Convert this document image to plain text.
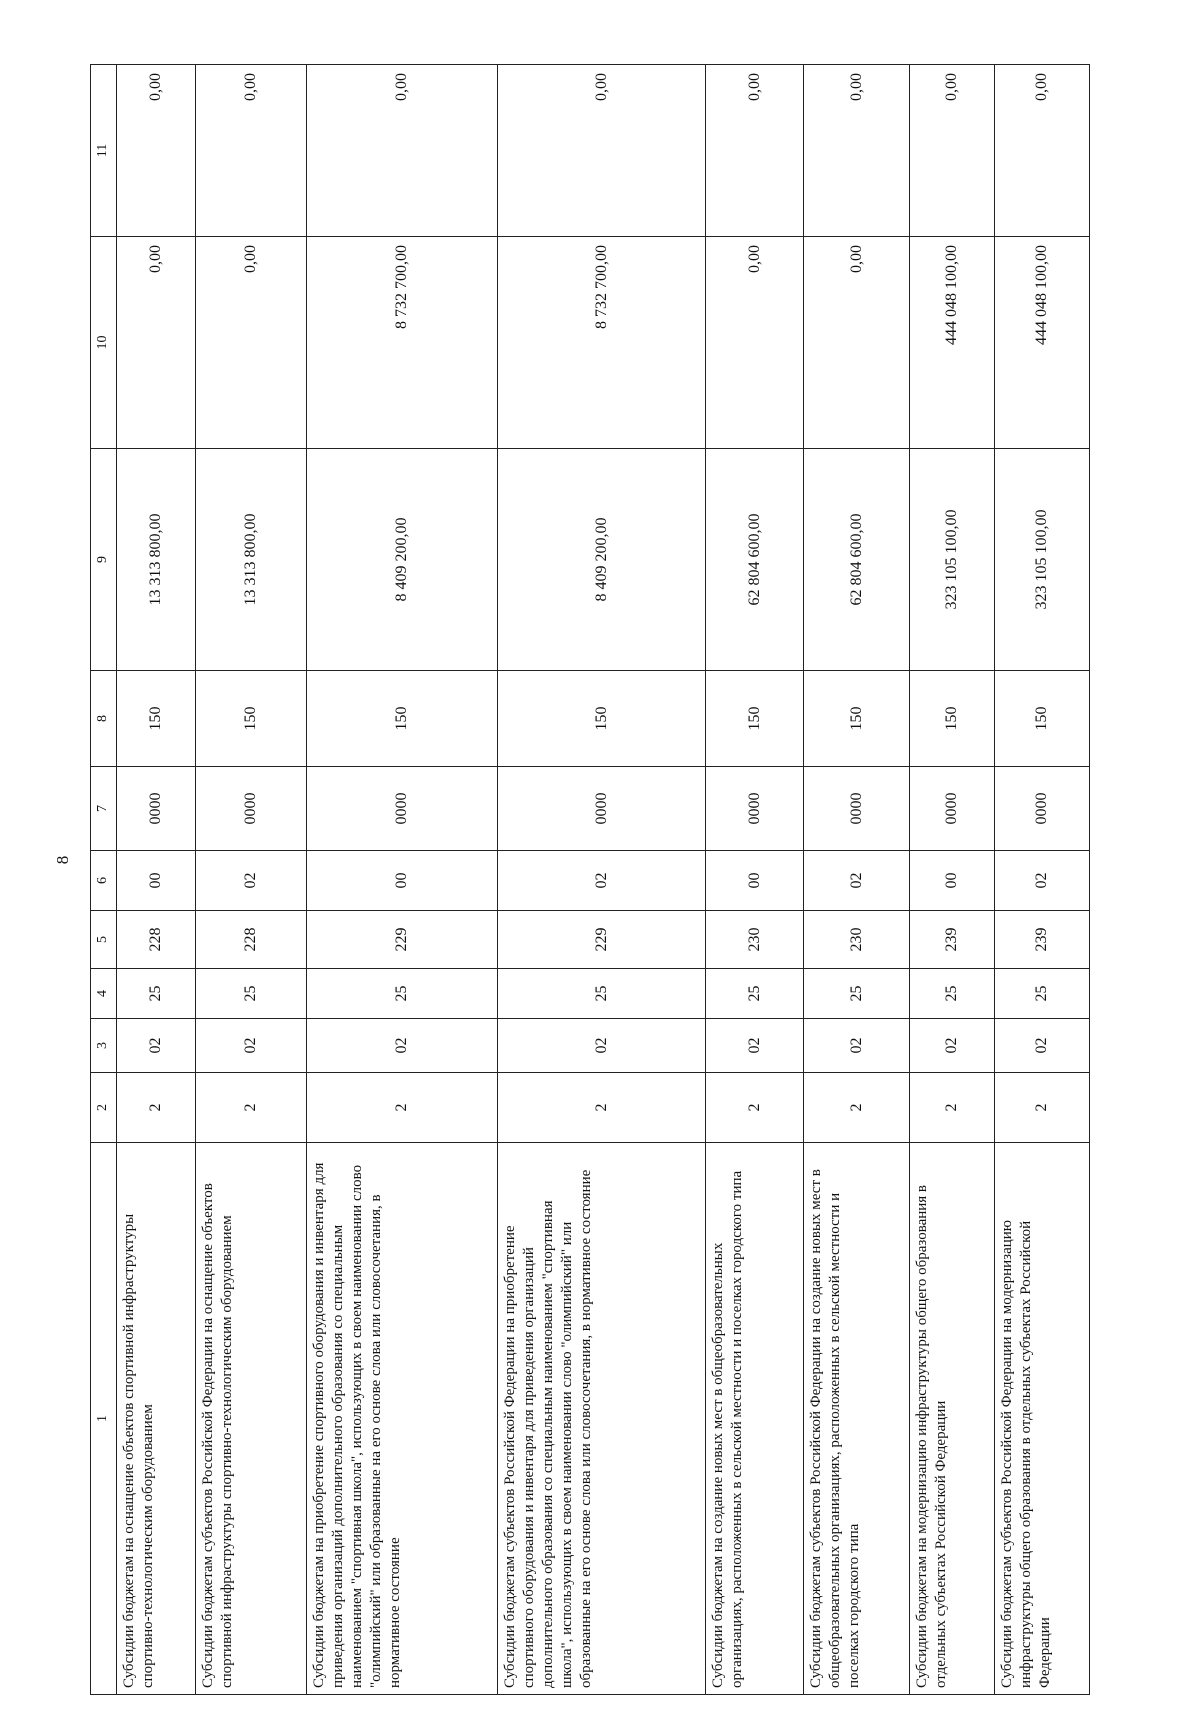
8
1	2	3	4	5	6	7	8	9	10	11
Субсидии бюджетам на оснащение объектов спортивной инфраструктуры спортивно-технологическим оборудованием	2	02	25	228	00	0000	150	13 313 800,00	0,00	0,00
Субсидии бюджетам субъектов Российской Федерации на оснащение объектов спортивной инфраструктуры спортивно-технологическим оборудованием	2	02	25	228	02	0000	150	13 313 800,00	0,00	0,00
Субсидии бюджетам на приобретение спортивного оборудования и инвентаря для приведения организаций дополнительного образования со специальным наименованием "спортивная школа", использующих в своем наименовании слово "олимпийский" или образованные на его основе слова или словосочетания, в нормативное состояние	2	02	25	229	00	0000	150	8 409 200,00	8 732 700,00	0,00
Субсидии бюджетам субъектов Российской Федерации на приобретение спортивного оборудования и инвентаря для приведения организаций дополнительного образования со специальным наименованием "спортивная школа", использующих в своем наименовании слово "олимпийский" или образованные на его основе слова или словосочетания, в нормативное состояние	2	02	25	229	02	0000	150	8 409 200,00	8 732 700,00	0,00
Субсидии бюджетам на создание новых мест в общеобразовательных организациях, расположенных в сельской местности и поселках городского типа	2	02	25	230	00	0000	150	62 804 600,00	0,00	0,00
Субсидии бюджетам субъектов Российской Федерации на создание новых мест в общеобразовательных организациях, расположенных в сельской местности и поселках городского типа	2	02	25	230	02	0000	150	62 804 600,00	0,00	0,00
Субсидии бюджетам на модернизацию инфраструктуры общего образования в отдельных субъектах Российской Федерации	2	02	25	239	00	0000	150	323 105 100,00	444 048 100,00	0,00
Субсидии бюджетам субъектов Российской Федерации на модернизацию инфраструктуры общего образования в отдельных субъектах Российской Федерации	2	02	25	239	02	0000	150	323 105 100,00	444 048 100,00	0,00
